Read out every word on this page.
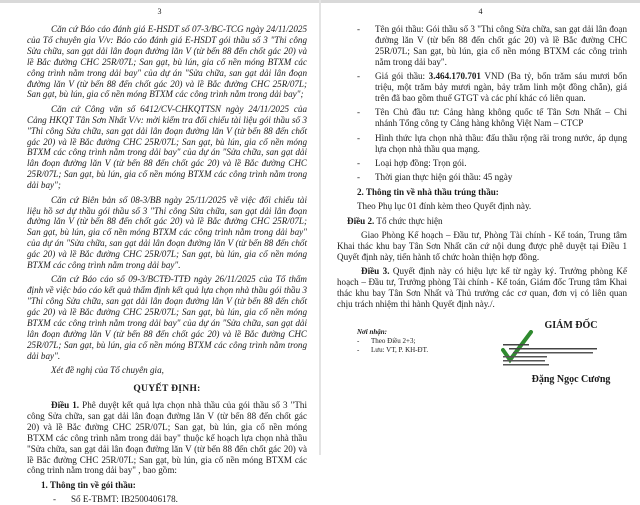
3

Căn cứ Báo cáo đánh giá E-HSDT số 07-3/BC-TCG ngày 24/11/2025 của Tổ chuyên gia V/v: Báo cáo đánh giá E-HSDT gói thầu số 3 "Thi công Sửa chữa, san gạt dải lân đoạn đường lăn V (từ bến 88 đến chốt gác 20) và lề Bắc đường CHC 25R/07L; San gạt, bù lún, gia cố nền móng BTXM các công trình nằm trong dải bay" của dự án "Sửa chữa, san gạt dải lân đoạn đường lăn V (từ bến 88 đến chốt gác 20) và lề Bắc đường CHC 25R/07L; San gạt, bù lún, gia cố nền móng BTXM các công trình nằm trong dải bay";

Căn cứ Công văn số 6412/CV-CHKQTTSN ngày 24/11/2025 của Cảng HKQT Tân Sơn Nhất V/v: mời kiểm tra đối chiếu tài liệu gói thầu số 3 "Thi công Sửa chữa, san gạt dải lân đoạn đường lăn V (từ bến 88 đến chốt gác 20) và lề Bắc đường CHC 25R/07L; San gạt, bù lún, gia cố nền móng BTXM các công trình nằm trong dải bay" của dự án "Sửa chữa, san gạt dải lân đoạn đường lăn V (từ bến 88 đến chốt gác 20) và lề Bắc đường CHC 25R/07L; San gạt, bù lún, gia cố nền móng BTXM các công trình nằm trong dải bay";

Căn cứ Biên bản số 08-3/BB ngày 25/11/2025 về việc đối chiếu tài liệu hồ sơ dự thầu gói thầu số 3 "Thi công Sửa chữa, san gạt dải lân đoạn đường lăn V (từ bến 88 đến chốt gác 20) và lề Bắc đường CHC 25R/07L; San gạt, bù lún, gia cố nền móng BTXM các công trình nằm trong dải bay" của dự án "Sửa chữa, san gạt dải lân đoạn đường lăn V (từ bến 88 đến chốt gác 20) và lề Bắc đường CHC 25R/07L; San gạt, bù lún, gia cố nền móng BTXM các công trình nằm trong dải bay".

Căn cứ Báo cáo số 09-3/BCTĐ-TTĐ ngày 26/11/2025 của Tổ thẩm định về việc báo cáo kết quả thẩm định kết quả lựa chọn nhà thầu gói thầu 3 "Thi công Sửa chữa, san gạt dải lân đoạn đường lăn V (từ bến 88 đến chốt gác 20) và lề Bắc đường CHC 25R/07L; San gạt, bù lún, gia cố nền móng BTXM các công trình nằm trong dải bay" của dự án "Sửa chữa, san gạt dải lân đoạn đường lăn V (từ bến 88 đến chốt gác 20) và lề Bắc đường CHC 25R/07L; San gạt, bù lún, gia cố nền móng BTXM các công trình nằm trong dải bay".

Xét đề nghị của Tổ chuyên gia,

QUYẾT ĐỊNH:

Điều 1. Phê duyệt kết quả lựa chọn nhà thầu của gói thầu số 3 "Thi công Sửa chữa, san gạt dải lân đoạn đường lăn V (từ bến 88 đến chốt gác 20) và lề Bắc đường CHC 25R/07L; San gạt, bù lún, gia cố nền móng BTXM các công trình nằm trong dải bay" thuộc kế hoạch lựa chọn nhà thầu "Sửa chữa, san gạt dải lân đoạn đường lăn V (từ bến 88 đến chốt gác 20) và lề Bắc đường CHC 25R/07L; San gạt, bù lún, gia cố nền móng BTXM các công trình nằm trong dải bay" , bao gồm:

1. Thông tin về gói thầu:
-	Số E-TBMT: IB2500406178.
4
-	Tên gói thầu: Gói thầu số 3 "Thi công Sửa chữa, san gạt dải lân đoạn đường lăn V (từ bến 88 đến chốt gác 20) và lề Bắc đường CHC 25R/07L; San gạt, bù lún, gia cố nền móng BTXM các công trình nằm trong dải bay".

-	Giá gói thầu: 3.464.170.701 VND (Ba tỷ, bốn trăm sáu mươi bốn triệu, một trăm bảy mươi ngàn, bảy trăm linh một đồng chẵn), giá trên đã bao gồm thuế GTGT và các phí khác có liên quan.

-	Tên Chủ đầu tư: Cảng hàng không quốc tế Tân Sơn Nhất – Chi nhánh Tổng công ty Cảng hàng không Việt Nam – CTCP

-	Hình thức lựa chọn nhà thầu: đấu thầu rộng rãi trong nước, áp dụng lựa chọn nhà thầu qua mạng.

-	Loại hợp đồng: Trọn gói.

-	Thời gian thực hiện gói thầu: 45 ngày
2. Thông tin về nhà thầu trúng thầu:

Theo Phụ lục 01 đính kèm theo Quyết định này.

Điều 2. Tổ chức thực hiện

Giao Phòng Kế hoạch – Đầu tư, Phòng Tài chính - Kế toán, Trung tâm Khai thác khu bay Tân Sơn Nhất căn cứ nội dung được phê duyệt tại Điều 1 Quyết định này, tiến hành tổ chức hoàn thiện hợp đồng.

Điều 3. Quyết định này có hiệu lực kể từ ngày ký. Trưởng phòng Kế hoạch – Đầu tư, Trưởng phòng Tài chính - Kế toán, Giám đốc Trung tâm Khai thác khu bay Tân Sơn Nhất và Thủ trưởng các cơ quan, đơn vị có liên quan chịu trách nhiệm thi hành Quyết định này./.

Nơi nhận:
-	Theo Điều 2+3;
-	Lưu: VT, P. KH-ĐT.
GIÁM ĐỐC
Đặng Ngọc Cương
